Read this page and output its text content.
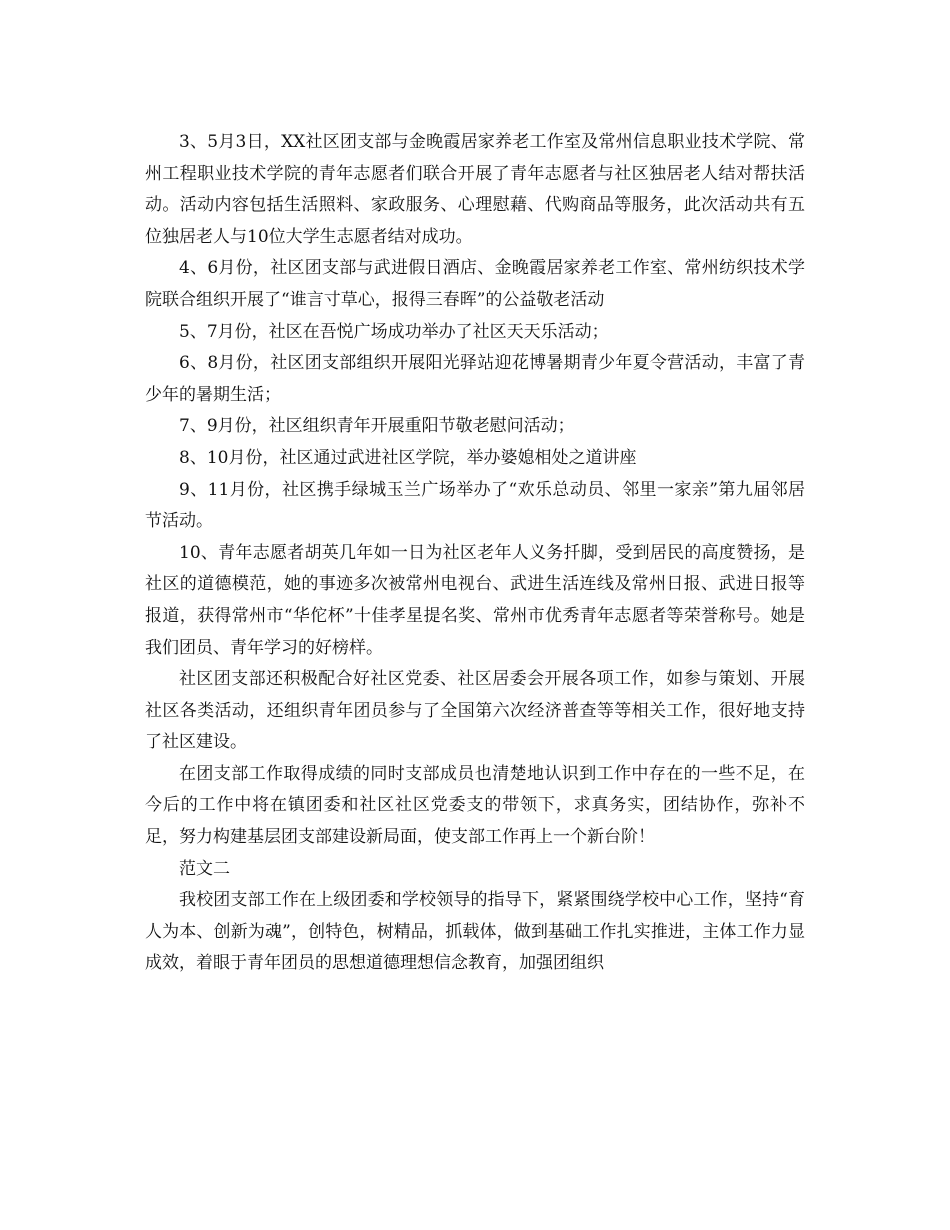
3、5月3日，XX社区团支部与金晚霞居家养老工作室及常州信息职业技术学院、常州工程职业技术学院的青年志愿者们联合开展了青年志愿者与社区独居老人结对帮扶活动。活动内容包括生活照料、家政服务、心理慰藉、代购商品等服务，此次活动共有五位独居老人与10位大学生志愿者结对成功。

4、6月份，社区团支部与武进假日酒店、金晚霞居家养老工作室、常州纺织技术学院联合组织开展了“谁言寸草心，报得三春晖”的公益敬老活动

5、7月份，社区在吾悦广场成功举办了社区天天乐活动；

6、8月份，社区团支部组织开展阳光驿站迎花博暑期青少年夏令营活动，丰富了青少年的暑期生活；

7、9月份，社区组织青年开展重阳节敬老慰问活动；

8、10月份，社区通过武进社区学院，举办婆媳相处之道讲座

9、11月份，社区携手绿城玉兰广场举办了“欢乐总动员、邻里一家亲”第九届邻居节活动。

10、青年志愿者胡英几年如一日为社区老年人义务扦脚，受到居民的高度赞扬，是社区的道德模范，她的事迹多次被常州电视台、武进生活连线及常州日报、武进日报等报道，获得常州市“华佗杯”十佳孝星提名奖、常州市优秀青年志愿者等荣誉称号。她是我们团员、青年学习的好榜样。

社区团支部还积极配合好社区党委、社区居委会开展各项工作，如参与策划、开展社区各类活动，还组织青年团员参与了全国第六次经济普查等等相关工作，很好地支持了社区建设。

在团支部工作取得成绩的同时支部成员也清楚地认识到工作中存在的一些不足，在今后的工作中将在镇团委和社区社区党委支的带领下，求真务实，团结协作，弥补不足，努力构建基层团支部建设新局面，使支部工作再上一个新台阶！

范文二

我校团支部工作在上级团委和学校领导的指导下，紧紧围绕学校中心工作，坚持“育人为本、创新为魂”，创特色，树精品，抓载体，做到基础工作扎实推进，主体工作力显成效，着眼于青年团员的思想道德理想信念教育，加强团组织
